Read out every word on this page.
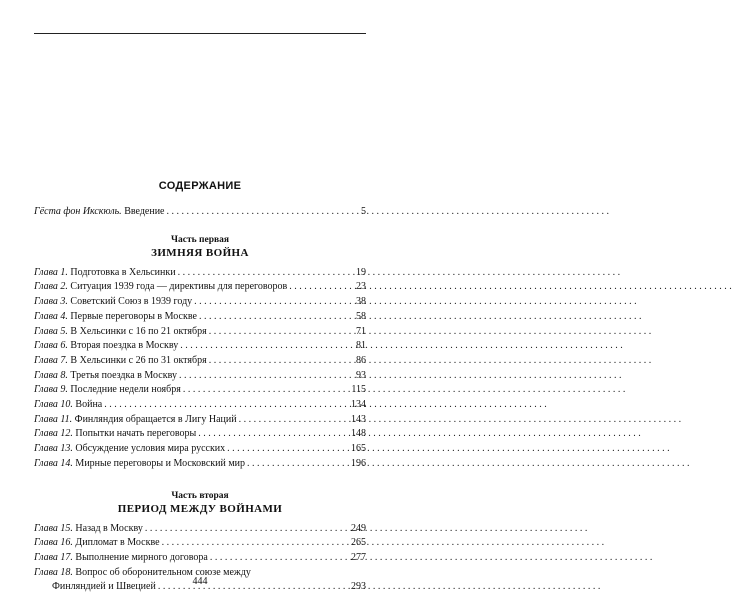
СОДЕРЖАНИЕ
Гёста фон Икскюль. Введение . . .	5
Часть первая
ЗИМНЯЯ ВОЙНА
Глава 1. Подготовка в Хельсинки . . .	19
Глава 2. Ситуация 1939 года — директивы для переговоров . . .	23
Глава 3. Советский Союз в 1939 году . . .	38
Глава 4. Первые переговоры в Москве . . .	58
Глава 5. В Хельсинки с 16 по 21 октября . . .	71
Глава 6. Вторая поездка в Москву . . .	81
Глава 7. В Хельсинки с 26 по 31 октября . . .	86
Глава 8. Третья поездка в Москву . . .	93
Глава 9. Последние недели ноября . . .	115
Глава 10. Война . . .	134
Глава 11. Финляндия обращается в Лигу Наций . . .	143
Глава 12. Попытки начать переговоры . . .	148
Глава 13. Обсуждение условия мира русских . . .	165
Глава 14. Мирные переговоры и Московский мир . . .	196
Часть вторая
ПЕРИОД МЕЖДУ ВОЙНАМИ
Глава 15. Назад в Москву . . .	249
Глава 16. Дипломат в Москве . . .	265
Глава 17. Выполнение мирного договора . . .	277
Глава 18. Вопрос об оборонительном союзе между
Финляндией и Швецией . . .	293
444
